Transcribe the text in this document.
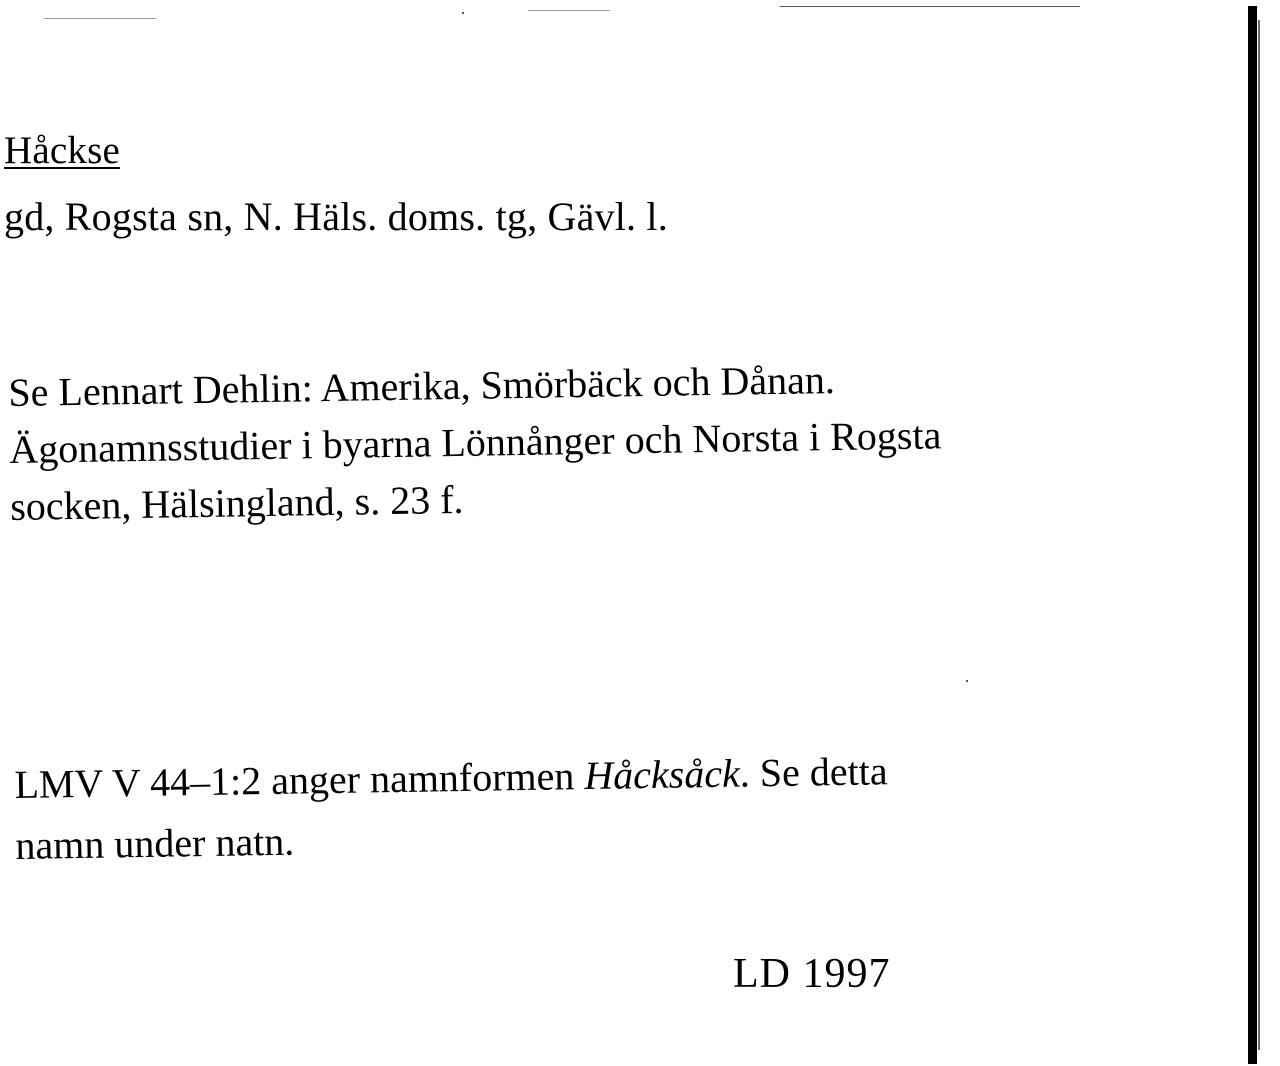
Håckse
gd, Rogsta sn, N. Häls. doms. tg, Gävl. l.
Se Lennart Dehlin: Amerika, Smörbäck och Dånan.
Ägonamnsstudier i byarna Lönnånger och Norsta i Rogsta
socken, Hälsingland, s. 23 f.
LMV V 44–1:2 anger namnformen Håcksåck. Se detta
namn under natn.
LD 1997
